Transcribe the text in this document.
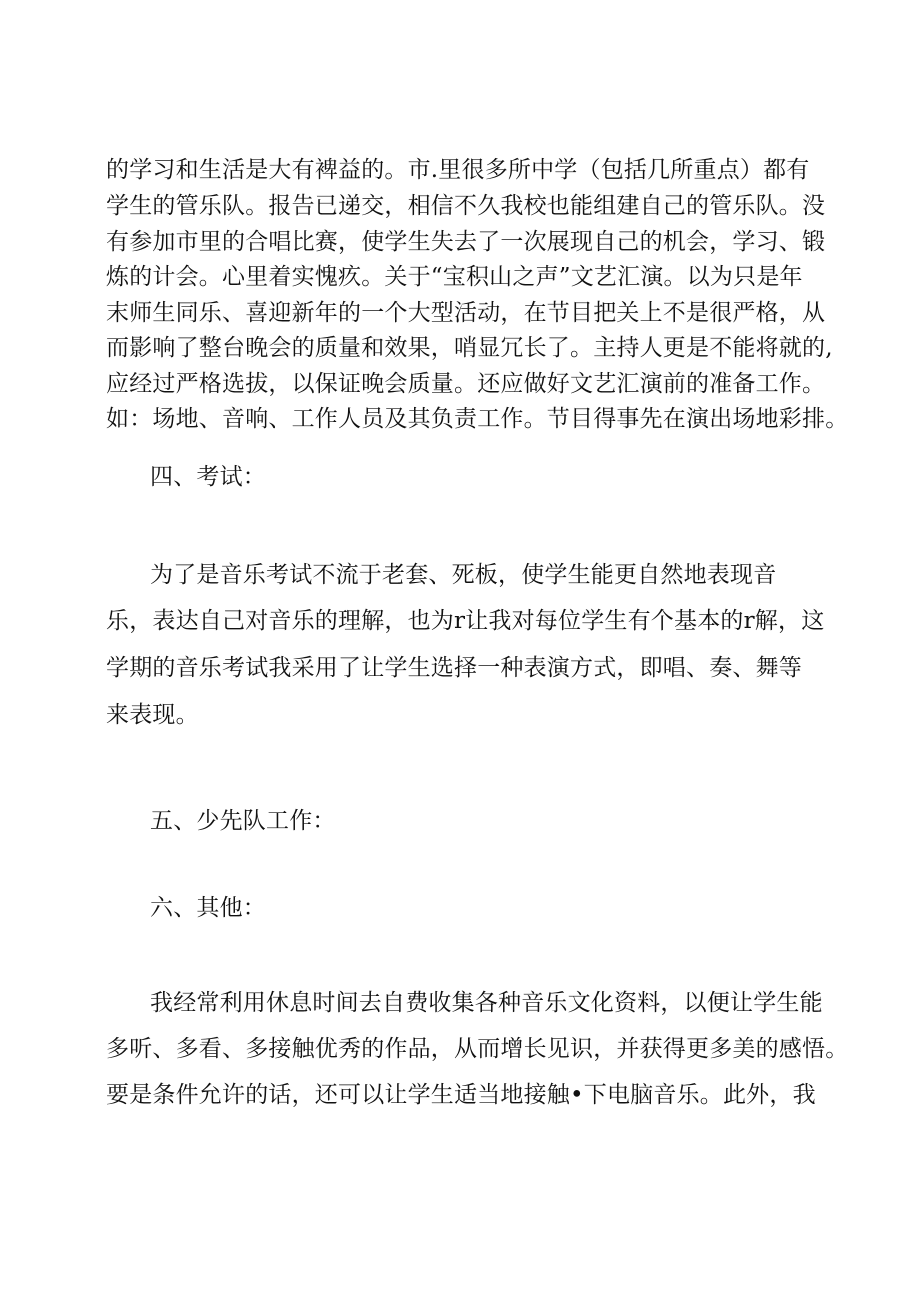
的学习和生活是大有裨益的。市.里很多所中学（包括几所重点）都有

学生的管乐队。报告已递交，相信不久我校也能组建自己的管乐队。没

有参加市里的合唱比赛，使学生失去了一次展现自己的机会，学习、锻

炼的计会。心里着实愧疚。关于“宝积山之声”文艺汇演。以为只是年

末师生同乐、喜迎新年的一个大型活动，在节目把关上不是很严格，从

而影响了整台晚会的质量和效果，哨显冗长了。主持人更是不能将就的,

应经过严格选拔，以保证晚会质量。还应做好文艺汇演前的准备工作。

如：场地、音响、工作人员及其负责工作。节目得事先在演出场地彩排。

四、考试：

为了是音乐考试不流于老套、死板，使学生能更自然地表现音

乐，表达自己对音乐的理解，也为r让我对每位学生有个基本的r解，这

学期的音乐考试我采用了让学生选择一种表演方式，即唱、奏、舞等

来表现。

五、少先队工作：

六、其他：

我经常利用休息时间去自费收集各种音乐文化资料，以便让学生能

多听、多看、多接触优秀的作品，从而增长见识，并获得更多美的感悟。

要是条件允许的话，还可以让学生适当地接触•下电脑音乐。此外，我
